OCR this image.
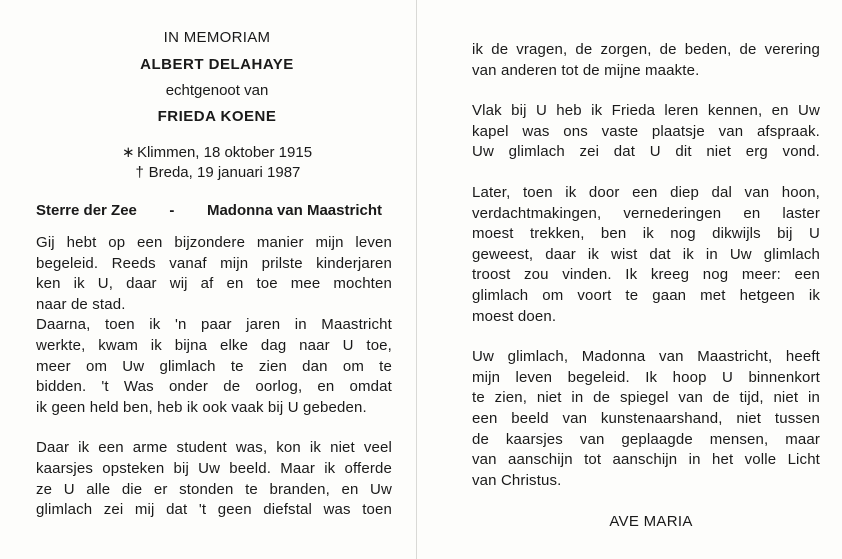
IN MEMORIAM
ALBERT DELAHAYE
echtgenoot van
FRIEDA KOENE
∗ Klimmen, 18 oktober 1915
† Breda, 19 januari 1987
Sterre der Zee - Madonna van Maastricht
Gij hebt op een bijzondere manier mijn leven
begeleid. Reeds vanaf mijn prilste kinderjaren
ken ik U, daar wij af en toe mee mochten
naar de stad.
Daarna, toen ik 'n paar jaren in Maastricht
werkte, kwam ik bijna elke dag naar U toe,
meer om Uw glimlach te zien dan om te
bidden. 't Was onder de oorlog, en omdat
ik geen held ben, heb ik ook vaak bij U gebeden.
Daar ik een arme student was, kon ik niet veel
kaarsjes opsteken bij Uw beeld. Maar ik offerde
ze U alle die er stonden te branden, en Uw
glimlach zei mij dat 't geen diefstal was toen
ik de vragen, de zorgen, de beden, de verering
van anderen tot de mijne maakte.
Vlak bij U heb ik Frieda leren kennen, en Uw
kapel was ons vaste plaatsje van afspraak.
Uw glimlach zei dat U dit niet erg vond.
Later, toen ik door een diep dal van hoon,
verdachtmakingen, vernederingen en laster
moest trekken, ben ik nog dikwijls bij U
geweest, daar ik wist dat ik in Uw glimlach
troost zou vinden. Ik kreeg nog meer: een
glimlach om voort te gaan met hetgeen ik
moest doen.
Uw glimlach, Madonna van Maastricht, heeft
mijn leven begeleid. Ik hoop U binnenkort
te zien, niet in de spiegel van de tijd, niet in
een beeld van kunstenaarshand, niet tussen
de kaarsjes van geplaagde mensen, maar
van aanschijn tot aanschijn in het volle Licht
van Christus.
AVE MARIA
